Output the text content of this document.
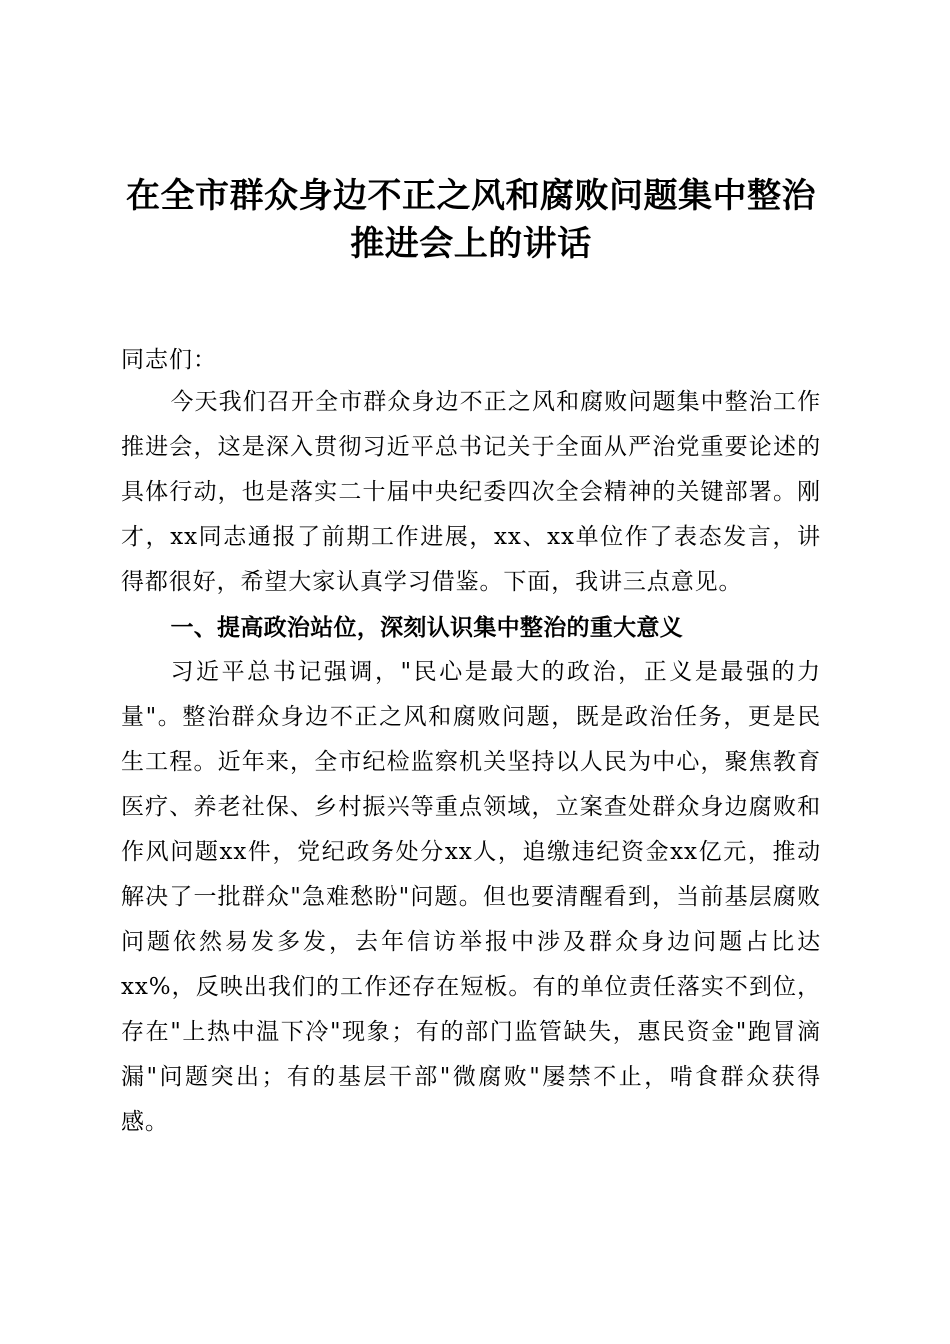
在全市群众身边不正之风和腐败问题集中整治
推进会上的讲话

同志们：

今天我们召开全市群众身边不正之风和腐败问题集中整治工作推进会，这是深入贯彻习近平总书记关于全面从严治党重要论述的具体行动，也是落实二十届中央纪委四次全会精神的关键部署。刚才，xx同志通报了前期工作进展，xx、xx单位作了表态发言，讲得都很好，希望大家认真学习借鉴。下面，我讲三点意见。

一、提高政治站位，深刻认识集中整治的重大意义

习近平总书记强调，"民心是最大的政治，正义是最强的力量"。整治群众身边不正之风和腐败问题，既是政治任务，更是民生工程。近年来，全市纪检监察机关坚持以人民为中心，聚焦教育医疗、养老社保、乡村振兴等重点领域，立案查处群众身边腐败和作风问题xx件，党纪政务处分xx人，追缴违纪资金xx亿元，推动解决了一批群众"急难愁盼"问题。但也要清醒看到，当前基层腐败问题依然易发多发，去年信访举报中涉及群众身边问题占比达xx%，反映出我们的工作还存在短板。有的单位责任落实不到位，存在"上热中温下冷"现象；有的部门监管缺失，惠民资金"跑冒滴漏"问题突出；有的基层干部"微腐败"屡禁不止，啃食群众获得感。
